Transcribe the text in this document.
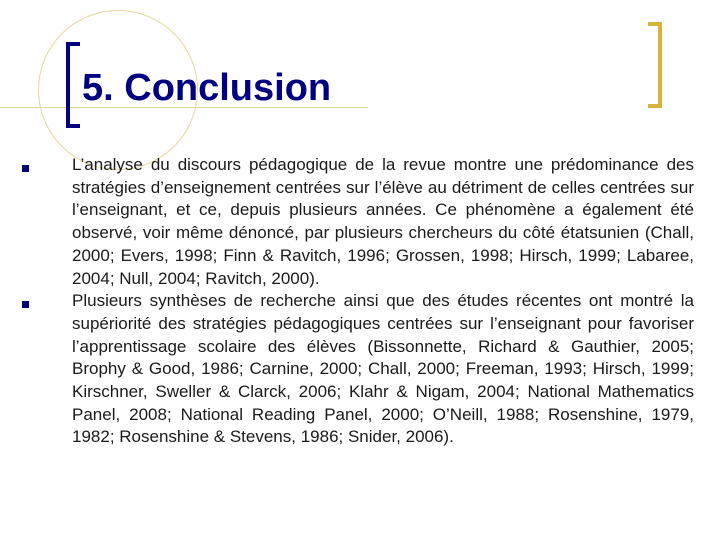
5. Conclusion
L’analyse du discours pédagogique de la revue montre une prédominance des stratégies d’enseignement centrées sur l’élève au détriment de celles centrées sur l’enseignant, et ce, depuis plusieurs années. Ce phénomène a également été observé, voir même dénoncé, par plusieurs chercheurs du côté étatsunien (Chall, 2000; Evers, 1998; Finn & Ravitch, 1996; Grossen, 1998; Hirsch, 1999; Labaree, 2004; Null, 2004; Ravitch, 2000).
Plusieurs synthèses de recherche ainsi que des études récentes ont montré la supériorité des stratégies pédagogiques centrées sur l’enseignant pour favoriser l’apprentissage scolaire des élèves (Bissonnette, Richard & Gauthier, 2005; Brophy & Good, 1986; Carnine, 2000; Chall, 2000; Freeman, 1993; Hirsch, 1999; Kirschner, Sweller & Clarck, 2006; Klahr & Nigam, 2004; National Mathematics Panel, 2008; National Reading Panel, 2000; O’Neill, 1988; Rosenshine, 1979, 1982; Rosenshine & Stevens, 1986; Snider, 2006).
